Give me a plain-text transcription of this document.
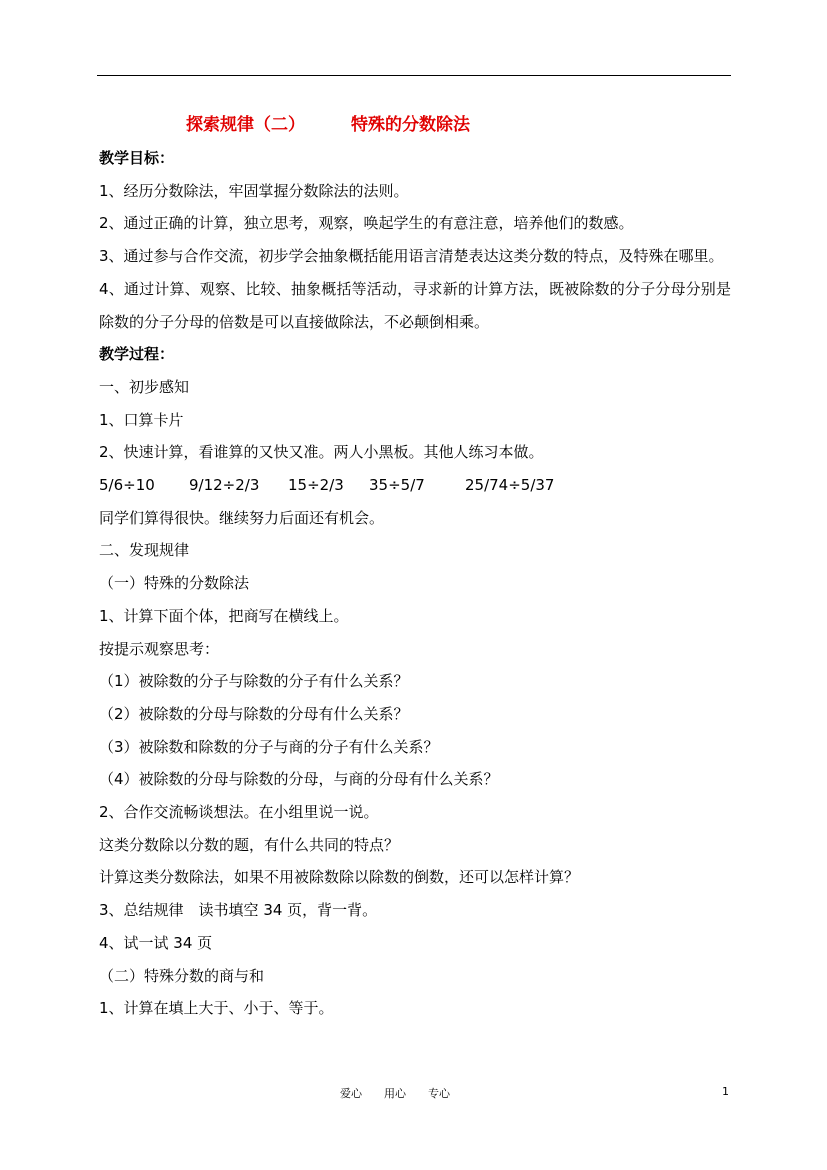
探索规律（二）	特殊的分数除法

教学目标：

1、经历分数除法，牢固掌握分数除法的法则。

2、通过正确的计算，独立思考，观察，唤起学生的有意注意，培养他们的数感。

3、通过参与合作交流，初步学会抽象概括能用语言清楚表达这类分数的特点，及特殊在哪里。

4、通过计算、观察、比较、抽象概括等活动，寻求新的计算方法，既被除数的分子分母分别是除数的分子分母的倍数是可以直接做除法，不必颠倒相乘。

教学过程：

一、初步感知

1、口算卡片

2、快速计算，看谁算的又快又准。两人小黑板。其他人练习本做。

5/6÷10 9/12÷2/3 15÷2/3 35÷5/7	25/74÷5/37

同学们算得很快。继续努力后面还有机会。

二、发现规律

（一）特殊的分数除法

1、计算下面个体，把商写在横线上。

按提示观察思考：

（1）被除数的分子与除数的分子有什么关系？

（2）被除数的分母与除数的分母有什么关系？

（3）被除数和除数的分子与商的分子有什么关系？

（4）被除数的分母与除数的分母，与商的分母有什么关系？

2、合作交流畅谈想法。在小组里说一说。

这类分数除以分数的题，有什么共同的特点？

计算这类分数除法，如果不用被除数除以除数的倒数，还可以怎样计算？

3、总结规律　读书填空 34 页，背一背。

4、试一试 34 页

（二）特殊分数的商与和

1、计算在填上大于、小于、等于。

爱心　　用心　　专心	1
